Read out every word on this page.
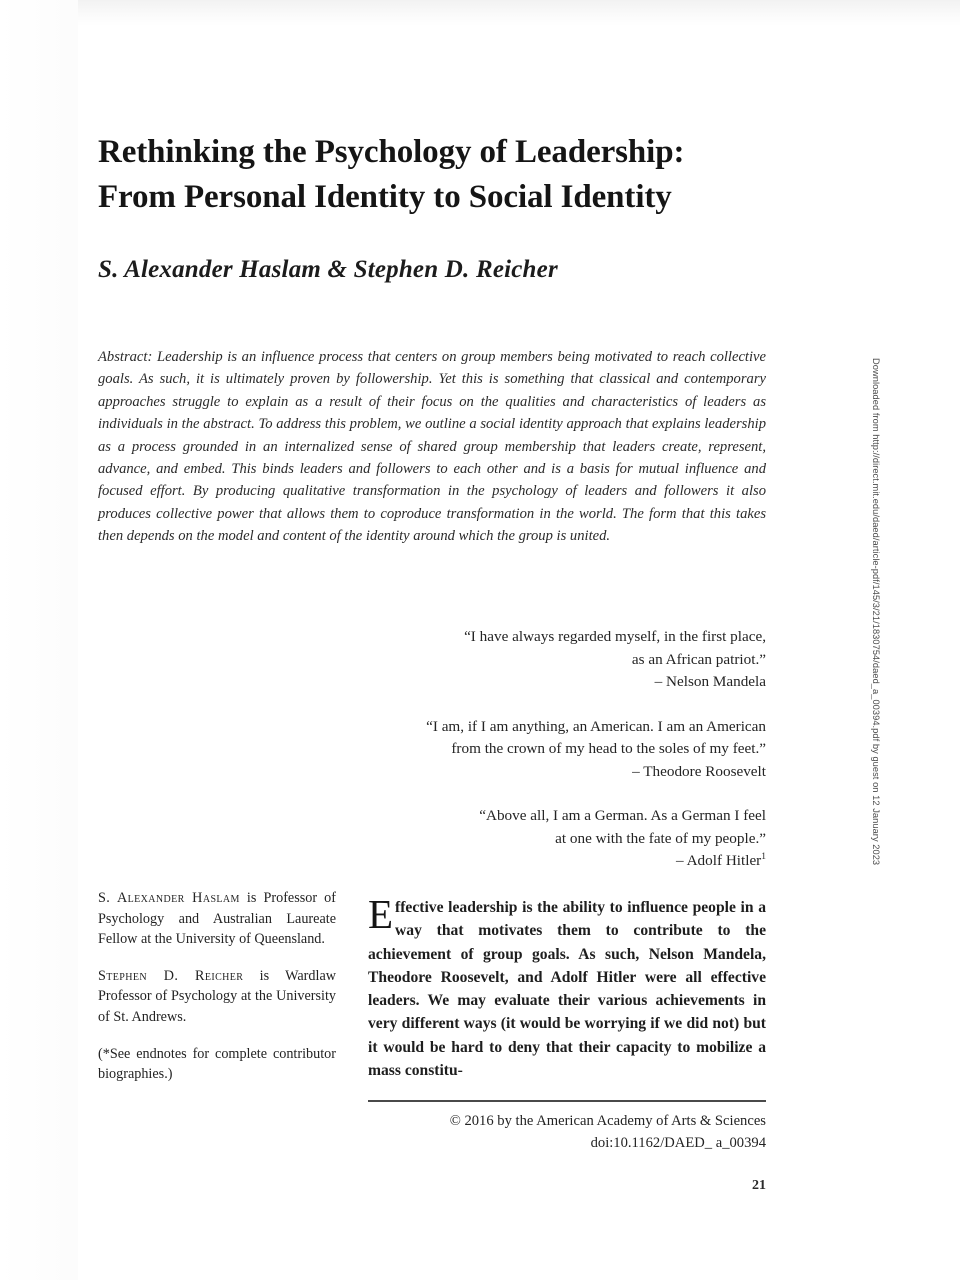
Rethinking the Psychology of Leadership:
From Personal Identity to Social Identity
S. Alexander Haslam & Stephen D. Reicher
Abstract: Leadership is an influence process that centers on group members being motivated to reach collective goals. As such, it is ultimately proven by followership. Yet this is something that classical and contemporary approaches struggle to explain as a result of their focus on the qualities and characteristics of leaders as individuals in the abstract. To address this problem, we outline a social identity approach that explains leadership as a process grounded in an internalized sense of shared group membership that leaders create, represent, advance, and embed. This binds leaders and followers to each other and is a basis for mutual influence and focused effort. By producing qualitative transformation in the psychology of leaders and followers it also produces collective power that allows them to coproduce transformation in the world. The form that this takes then depends on the model and content of the identity around which the group is united.
“I have always regarded myself, in the first place,
as an African patriot.”
– Nelson Mandela
“I am, if I am anything, an American. I am an American
from the crown of my head to the soles of my feet.”
– Theodore Roosevelt
“Above all, I am a German. As a German I feel
at one with the fate of my people.”
– Adolf Hitler$^1$

S. Alexander Haslam is Professor of Psychology and Australian Laureate Fellow at the University of Queensland.

Stephen D. Reicher is Wardlaw Professor of Psychology at the University of St. Andrews.

(*See endnotes for complete contributor biographies.)

Effective leadership is the ability to influence people in a way that motivates them to contribute to the achievement of group goals. As such, Nelson Mandela, Theodore Roosevelt, and Adolf Hitler were all effective leaders. We may evaluate their various achievements in very different ways (it would be worrying if we did not) but it would be hard to deny that their capacity to mobilize a mass constitu-

© 2016 by the American Academy of Arts & Sciences
doi:10.1162/DAED_ a_00394
21
Downloaded from http://direct.mit.edu/daed/article-pdf/145/3/21/1830754/daed_a_00394.pdf by guest on 12 January 2023
